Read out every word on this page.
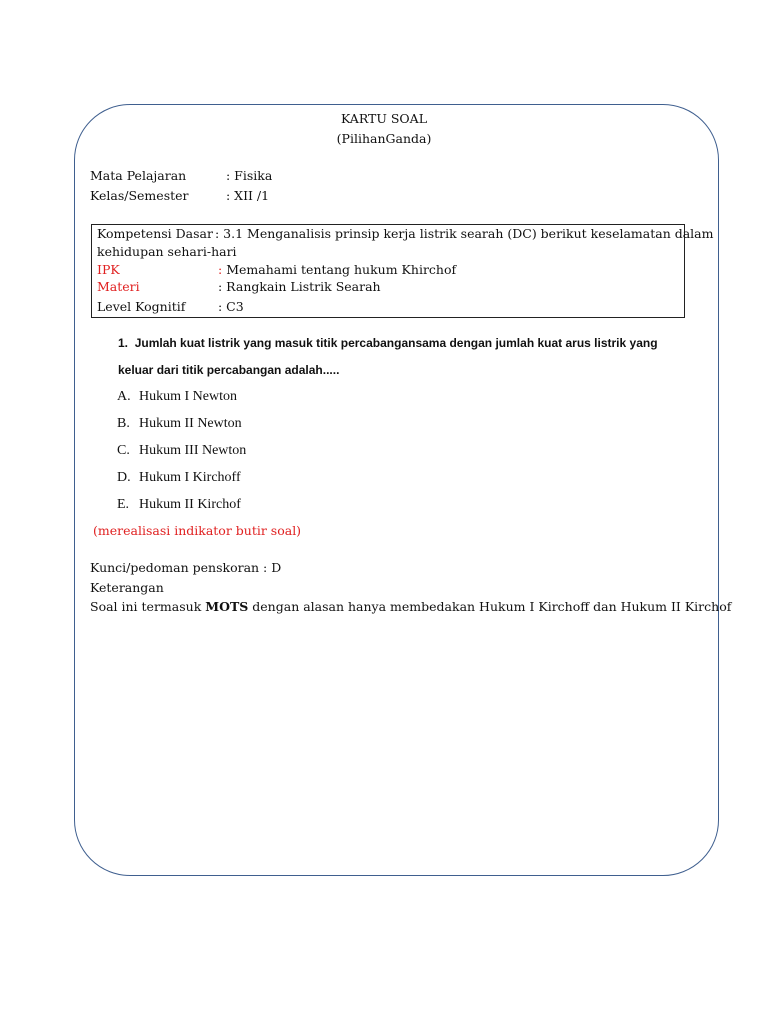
KARTU SOAL
(PilihanGanda)
Mata Pelajaran	: Fisika
Kelas/Semester	: XII /1
Kompetensi Dasar : 3.1 Menganalisis prinsip kerja listrik searah (DC) berikut keselamatan dalam
kehidupan sehari-hari
IPK	: Memahami tentang hukum Khirchof
Materi	: Rangkain Listrik Searah
Level Kognitif	: C3
1. Jumlah kuat listrik yang masuk titik percabangansama dengan jumlah kuat arus listrik yang
keluar dari titik percabangan adalah.....
A. Hukum I Newton
B. Hukum II Newton
C. Hukum III Newton
D. Hukum I Kirchoff
E. Hukum II Kirchof
(merealisasi indikator butir soal)
Kunci/pedoman penskoran : D
Keterangan
Soal ini termasuk MOTS dengan alasan hanya membedakan Hukum I Kirchoff dan Hukum II Kirchof
